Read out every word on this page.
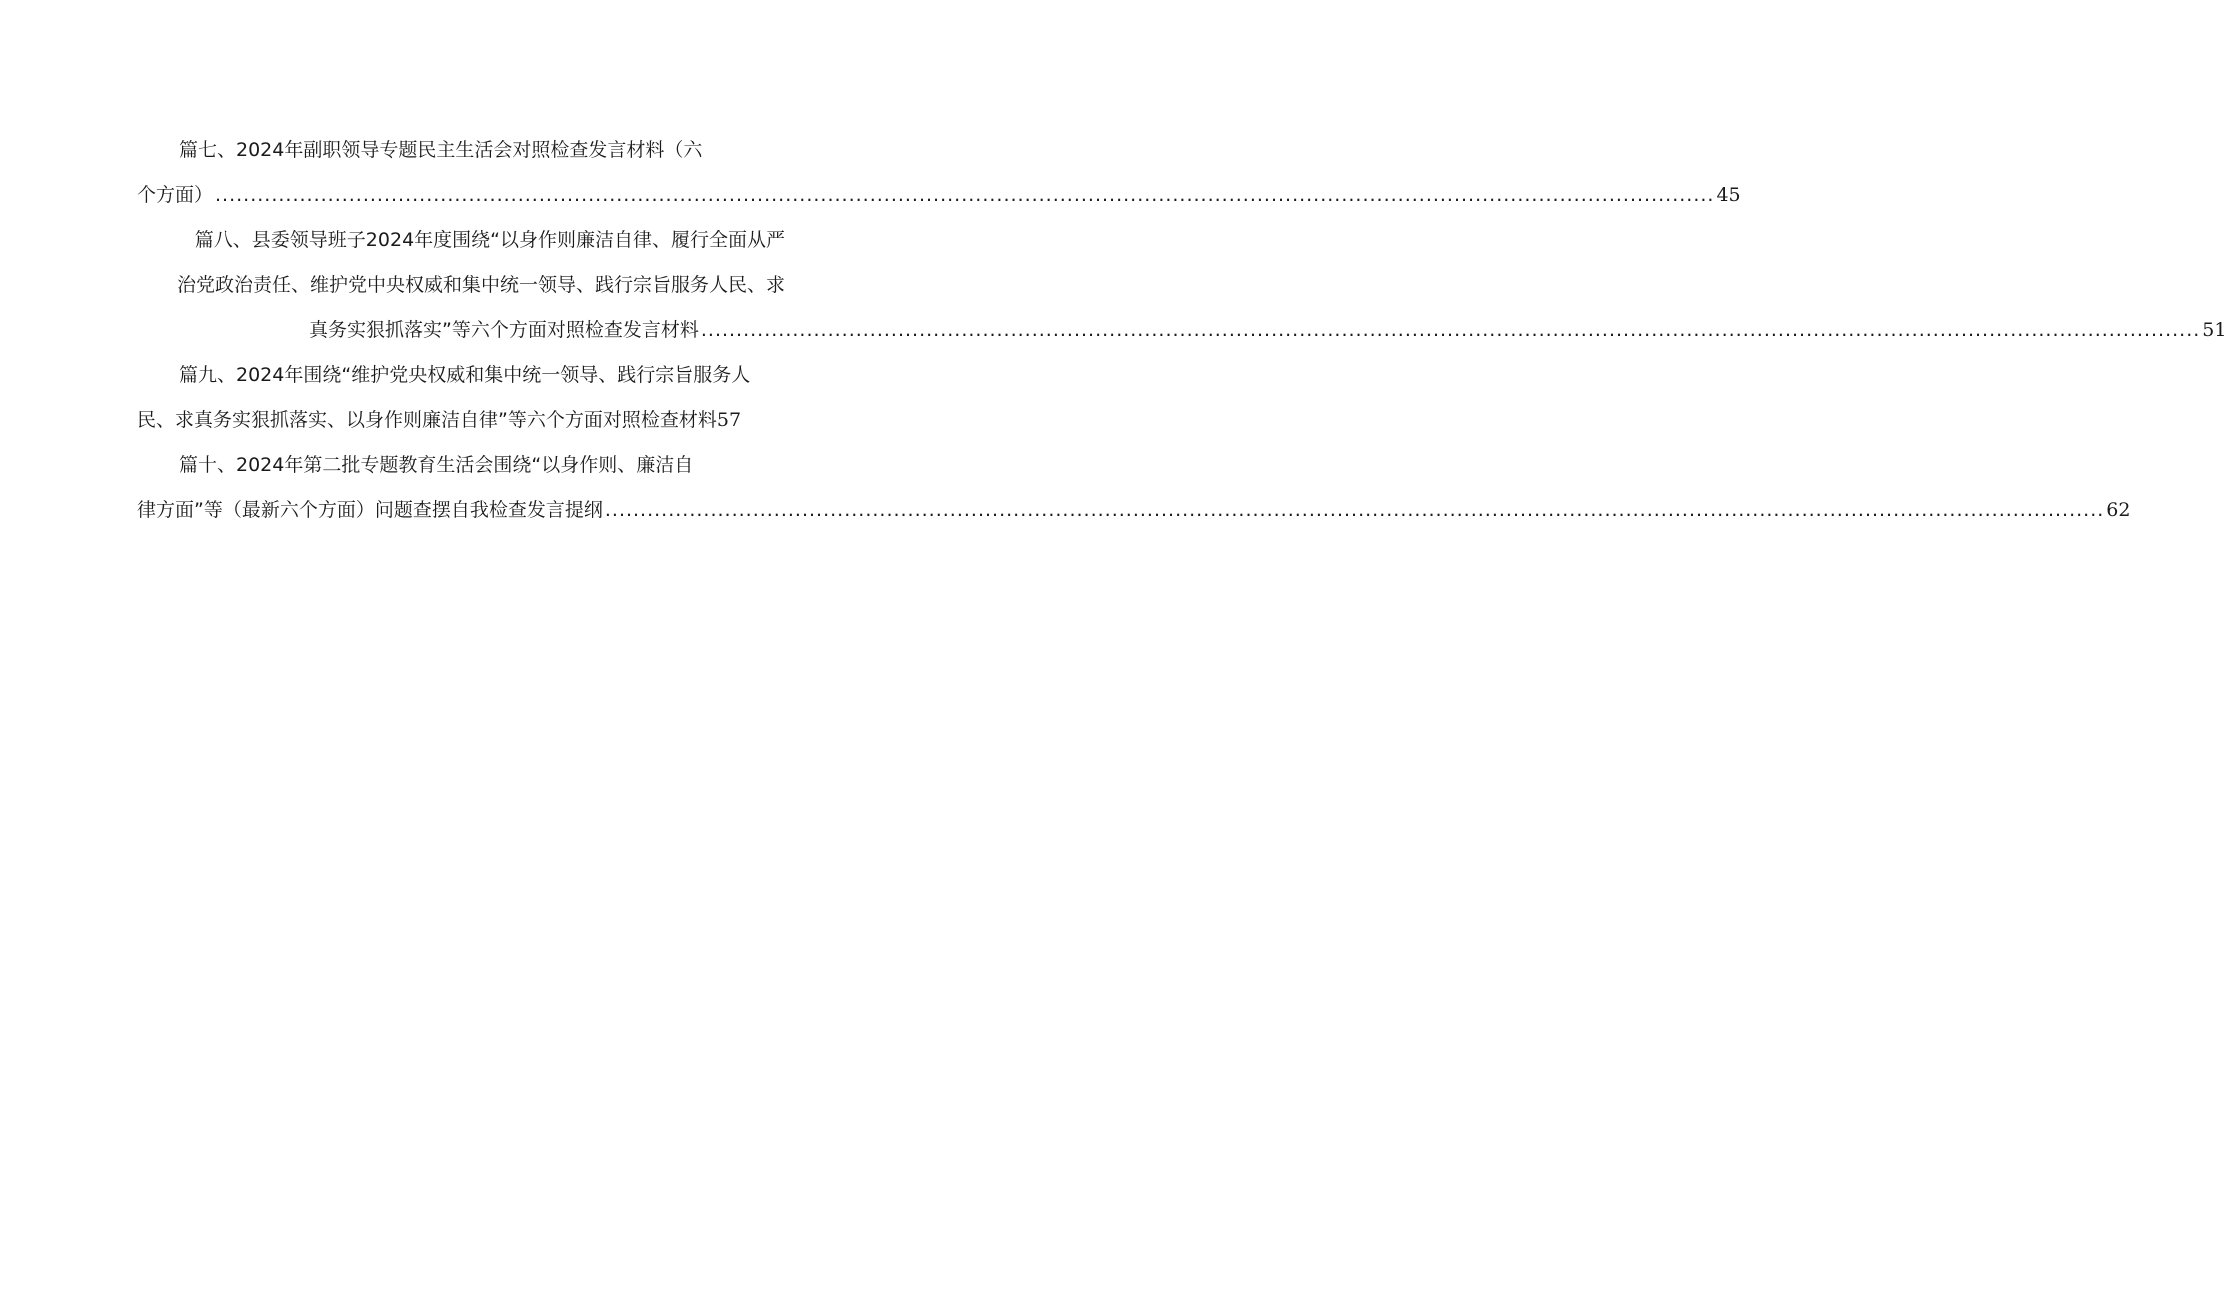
篇七、2024年副职领导专题民主生活会对照检查发言材料（六
个方面） ..................................................................................................................................................................................................................... 45
篇八、县委领导班子2024年度围绕“以身作则廉洁自律、履行全面从严
治党政治责任、维护党中央权威和集中统一领导、践行宗旨服务人民、求
真务实狠抓落实”等六个方面对照检查发言材料 ..................................................................................................................................................................................................................... 51
篇九、2024年围绕“维护党央权威和集中统一领导、践行宗旨服务人
民、求真务实狠抓落实、以身作则廉洁自律”等六个方面对照检查材料 57
篇十、2024年第二批专题教育生活会围绕“以身作则、廉洁自
律方面”等（最新六个方面）问题查摆自我检查发言提纲 ..................................................................................................................................................................................................................... 62
